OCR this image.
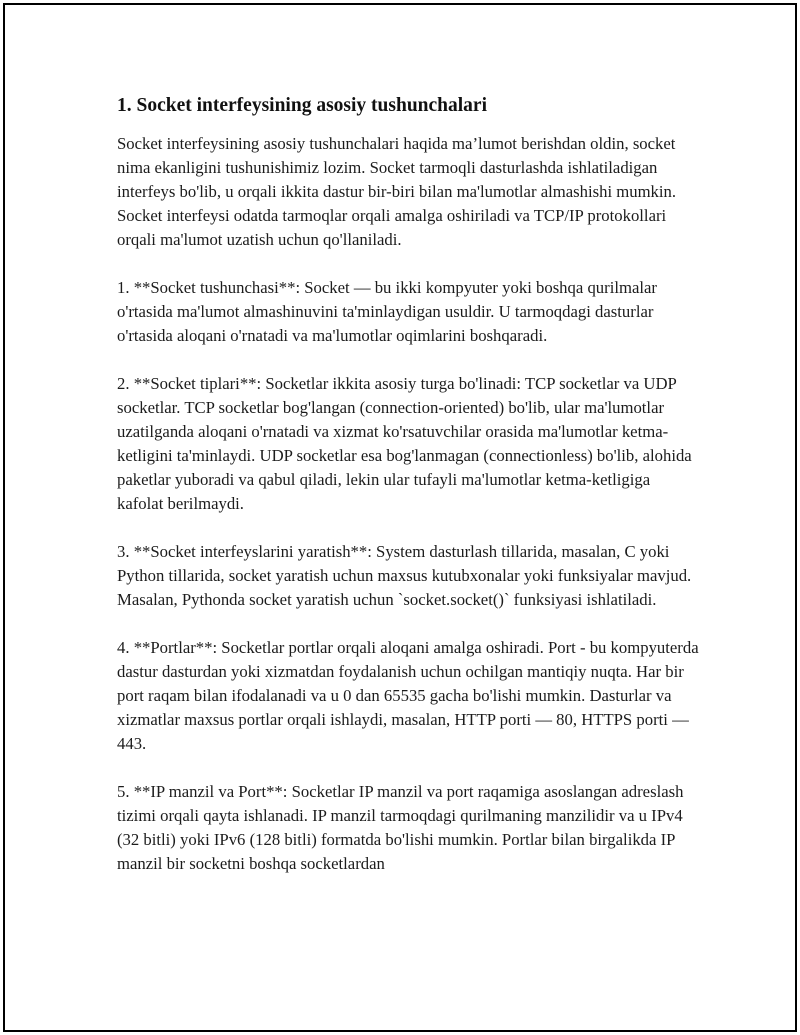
1. Socket interfeysining asosiy tushunchalari

Socket interfeysining asosiy tushunchalari haqida ma’lumot berishdan oldin, socket nima ekanligini tushunishimiz lozim. Socket tarmoqli dasturlashda ishlatiladigan interfeys bo'lib, u orqali ikkita dastur bir-biri bilan ma'lumotlar almashishi mumkin. Socket interfeysi odatda tarmoqlar orqali amalga oshiriladi va TCP/IP protokollari orqali ma'lumot uzatish uchun qo'llaniladi.

1. **Socket tushunchasi**: Socket — bu ikki kompyuter yoki boshqa qurilmalar o'rtasida ma'lumot almashinuvini ta'minlaydigan usuldir. U tarmoqdagi dasturlar o'rtasida aloqani o'rnatadi va ma'lumotlar oqimlarini boshqaradi.

2. **Socket tiplari**: Socketlar ikkita asosiy turga bo'linadi: TCP socketlar va UDP socketlar. TCP socketlar bog'langan (connection-oriented) bo'lib, ular ma'lumotlar uzatilganda aloqani o'rnatadi va xizmat ko'rsatuvchilar orasida ma'lumotlar ketma-ketligini ta'minlaydi. UDP socketlar esa bog'lanmagan (connectionless) bo'lib, alohida paketlar yuboradi va qabul qiladi, lekin ular tufayli ma'lumotlar ketma-ketligiga kafolat berilmaydi.

3. **Socket interfeyslarini yaratish**: System dasturlash tillarida, masalan, C yoki Python tillarida, socket yaratish uchun maxsus kutubxonalar yoki funksiyalar mavjud. Masalan, Pythonda socket yaratish uchun `socket.socket()` funksiyasi ishlatiladi.

4. **Portlar**: Socketlar portlar orqali aloqani amalga oshiradi. Port - bu kompyuterda dastur dasturdan yoki xizmatdan foydalanish uchun ochilgan mantiqiy nuqta. Har bir port raqam bilan ifodalanadi va u 0 dan 65535 gacha bo'lishi mumkin. Dasturlar va xizmatlar maxsus portlar orqali ishlaydi, masalan, HTTP porti — 80, HTTPS porti — 443.

5. **IP manzil va Port**: Socketlar IP manzil va port raqamiga asoslangan adreslash tizimi orqali qayta ishlanadi. IP manzil tarmoqdagi qurilmaning manzilidir va u IPv4 (32 bitli) yoki IPv6 (128 bitli) formatda bo'lishi mumkin. Portlar bilan birgalikda IP manzil bir socketni boshqa socketlardan
